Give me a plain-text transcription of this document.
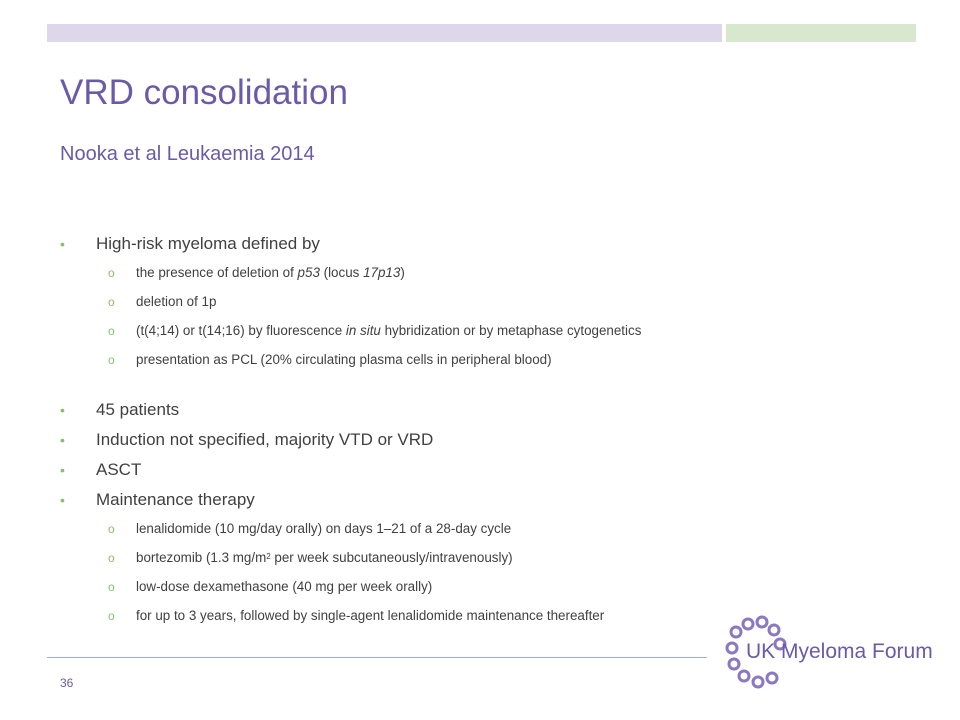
VRD consolidation
Nooka et al Leukaemia 2014
• High-risk myeloma defined by
o the presence of deletion of p53 (locus 17p13)
o deletion of 1p
o (t(4;14) or t(14;16) by fluorescence in situ hybridization or by metaphase cytogenetics
o presentation as PCL (20% circulating plasma cells in peripheral blood)
• 45 patients
• Induction not specified, majority VTD or VRD
• ASCT
• Maintenance therapy
o lenalidomide (10 mg/day orally) on days 1–21 of a 28-day cycle
o bortezomib (1.3 $mg/m^2$ per week subcutaneously/intravenously)
o low-dose dexamethasone (40 mg per week orally)
o for up to 3 years, followed by single-agent lenalidomide maintenance thereafter
36
UK Myeloma Forum
